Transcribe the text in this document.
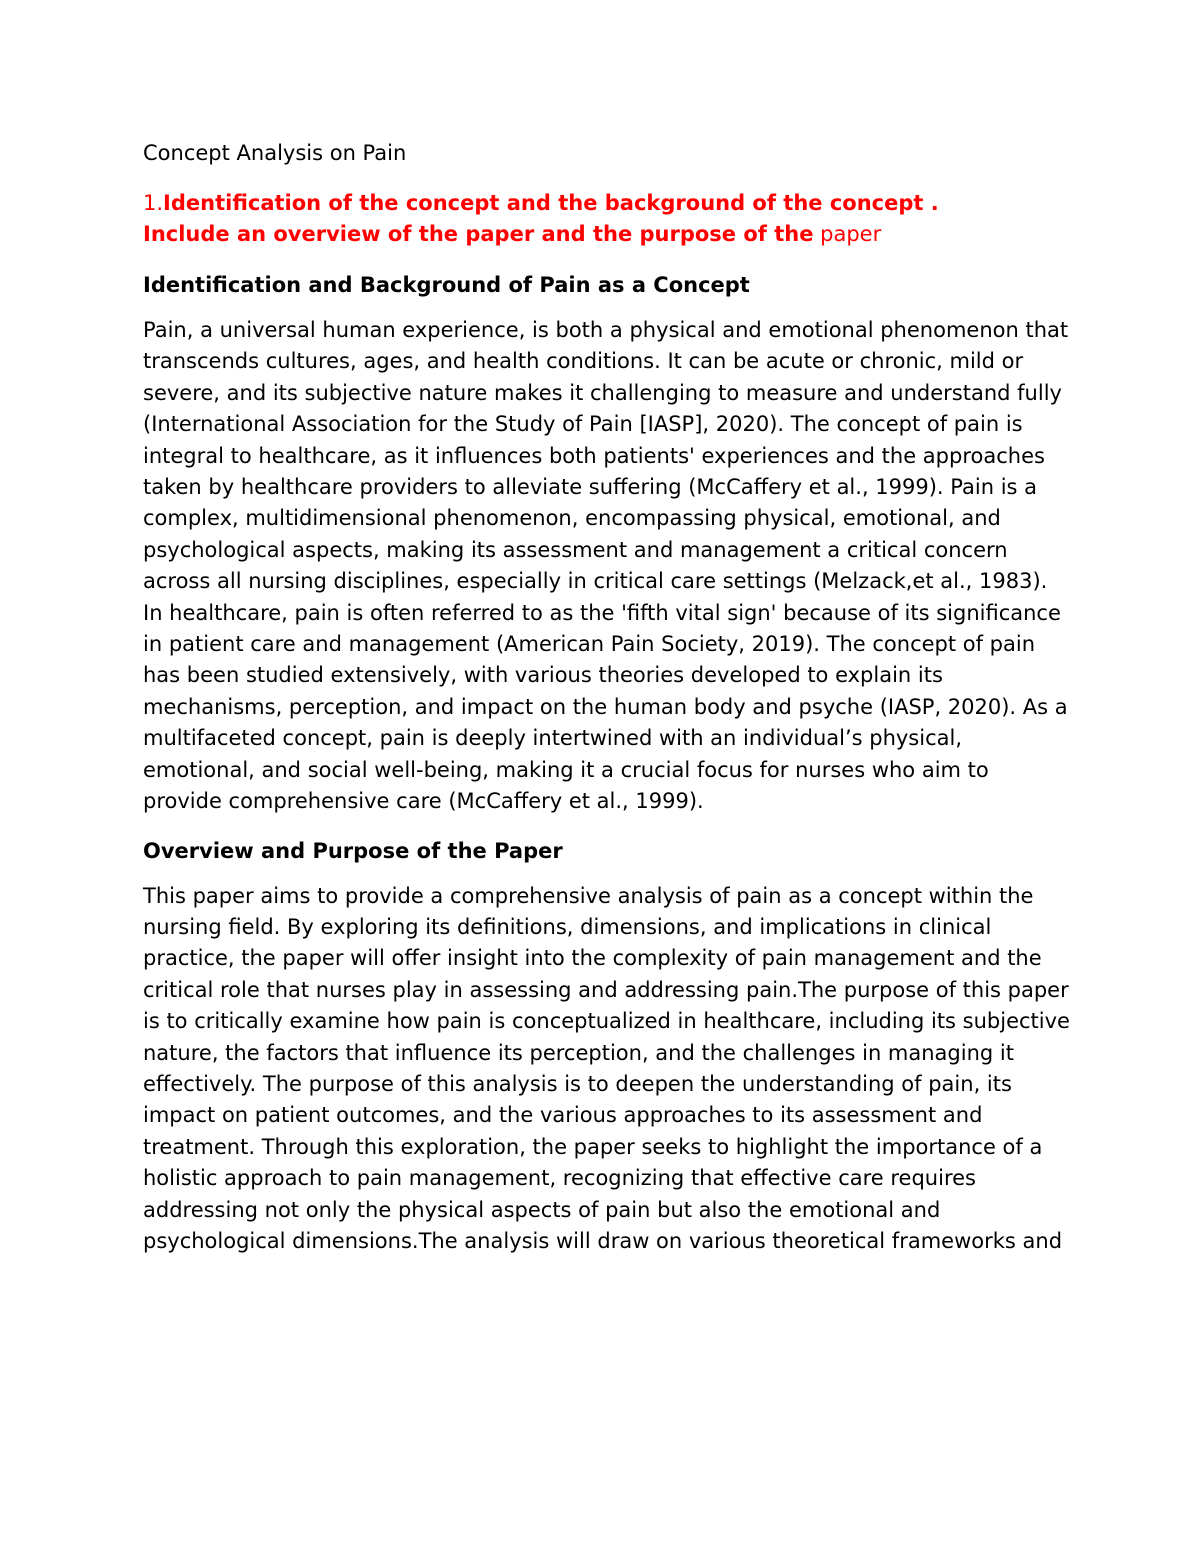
Concept Analysis on Pain

1.Identification of the concept and the background of the concept .
Include an overview of the paper and the purpose of the paper

Identification and Background of Pain as a Concept

Pain, a universal human experience, is both a physical and emotional phenomenon that transcends cultures, ages, and health conditions. It can be acute or chronic, mild or severe, and its subjective nature makes it challenging to measure and understand fully (International Association for the Study of Pain [IASP], 2020). The concept of pain is integral to healthcare, as it influences both patients' experiences and the approaches taken by healthcare providers to alleviate suffering (McCaffery et al., 1999). Pain is a complex, multidimensional phenomenon, encompassing physical, emotional, and psychological aspects, making its assessment and management a critical concern across all nursing disciplines, especially in critical care settings (Melzack,et al., 1983). In healthcare, pain is often referred to as the 'fifth vital sign' because of its significance in patient care and management (American Pain Society, 2019). The concept of pain has been studied extensively, with various theories developed to explain its mechanisms, perception, and impact on the human body and psyche (IASP, 2020). As a multifaceted concept, pain is deeply intertwined with an individual’s physical, emotional, and social well-being, making it a crucial focus for nurses who aim to provide comprehensive care (McCaffery et al., 1999).

Overview and Purpose of the Paper

This paper aims to provide a comprehensive analysis of pain as a concept within the nursing field. By exploring its definitions, dimensions, and implications in clinical practice, the paper will offer insight into the complexity of pain management and the critical role that nurses play in assessing and addressing pain.The purpose of this paper is to critically examine how pain is conceptualized in healthcare, including its subjective nature, the factors that influence its perception, and the challenges in managing it effectively. The purpose of this analysis is to deepen the understanding of pain, its impact on patient outcomes, and the various approaches to its assessment and treatment. Through this exploration, the paper seeks to highlight the importance of a holistic approach to pain management, recognizing that effective care requires addressing not only the physical aspects of pain but also the emotional and psychological dimensions.The analysis will draw on various theoretical frameworks and
